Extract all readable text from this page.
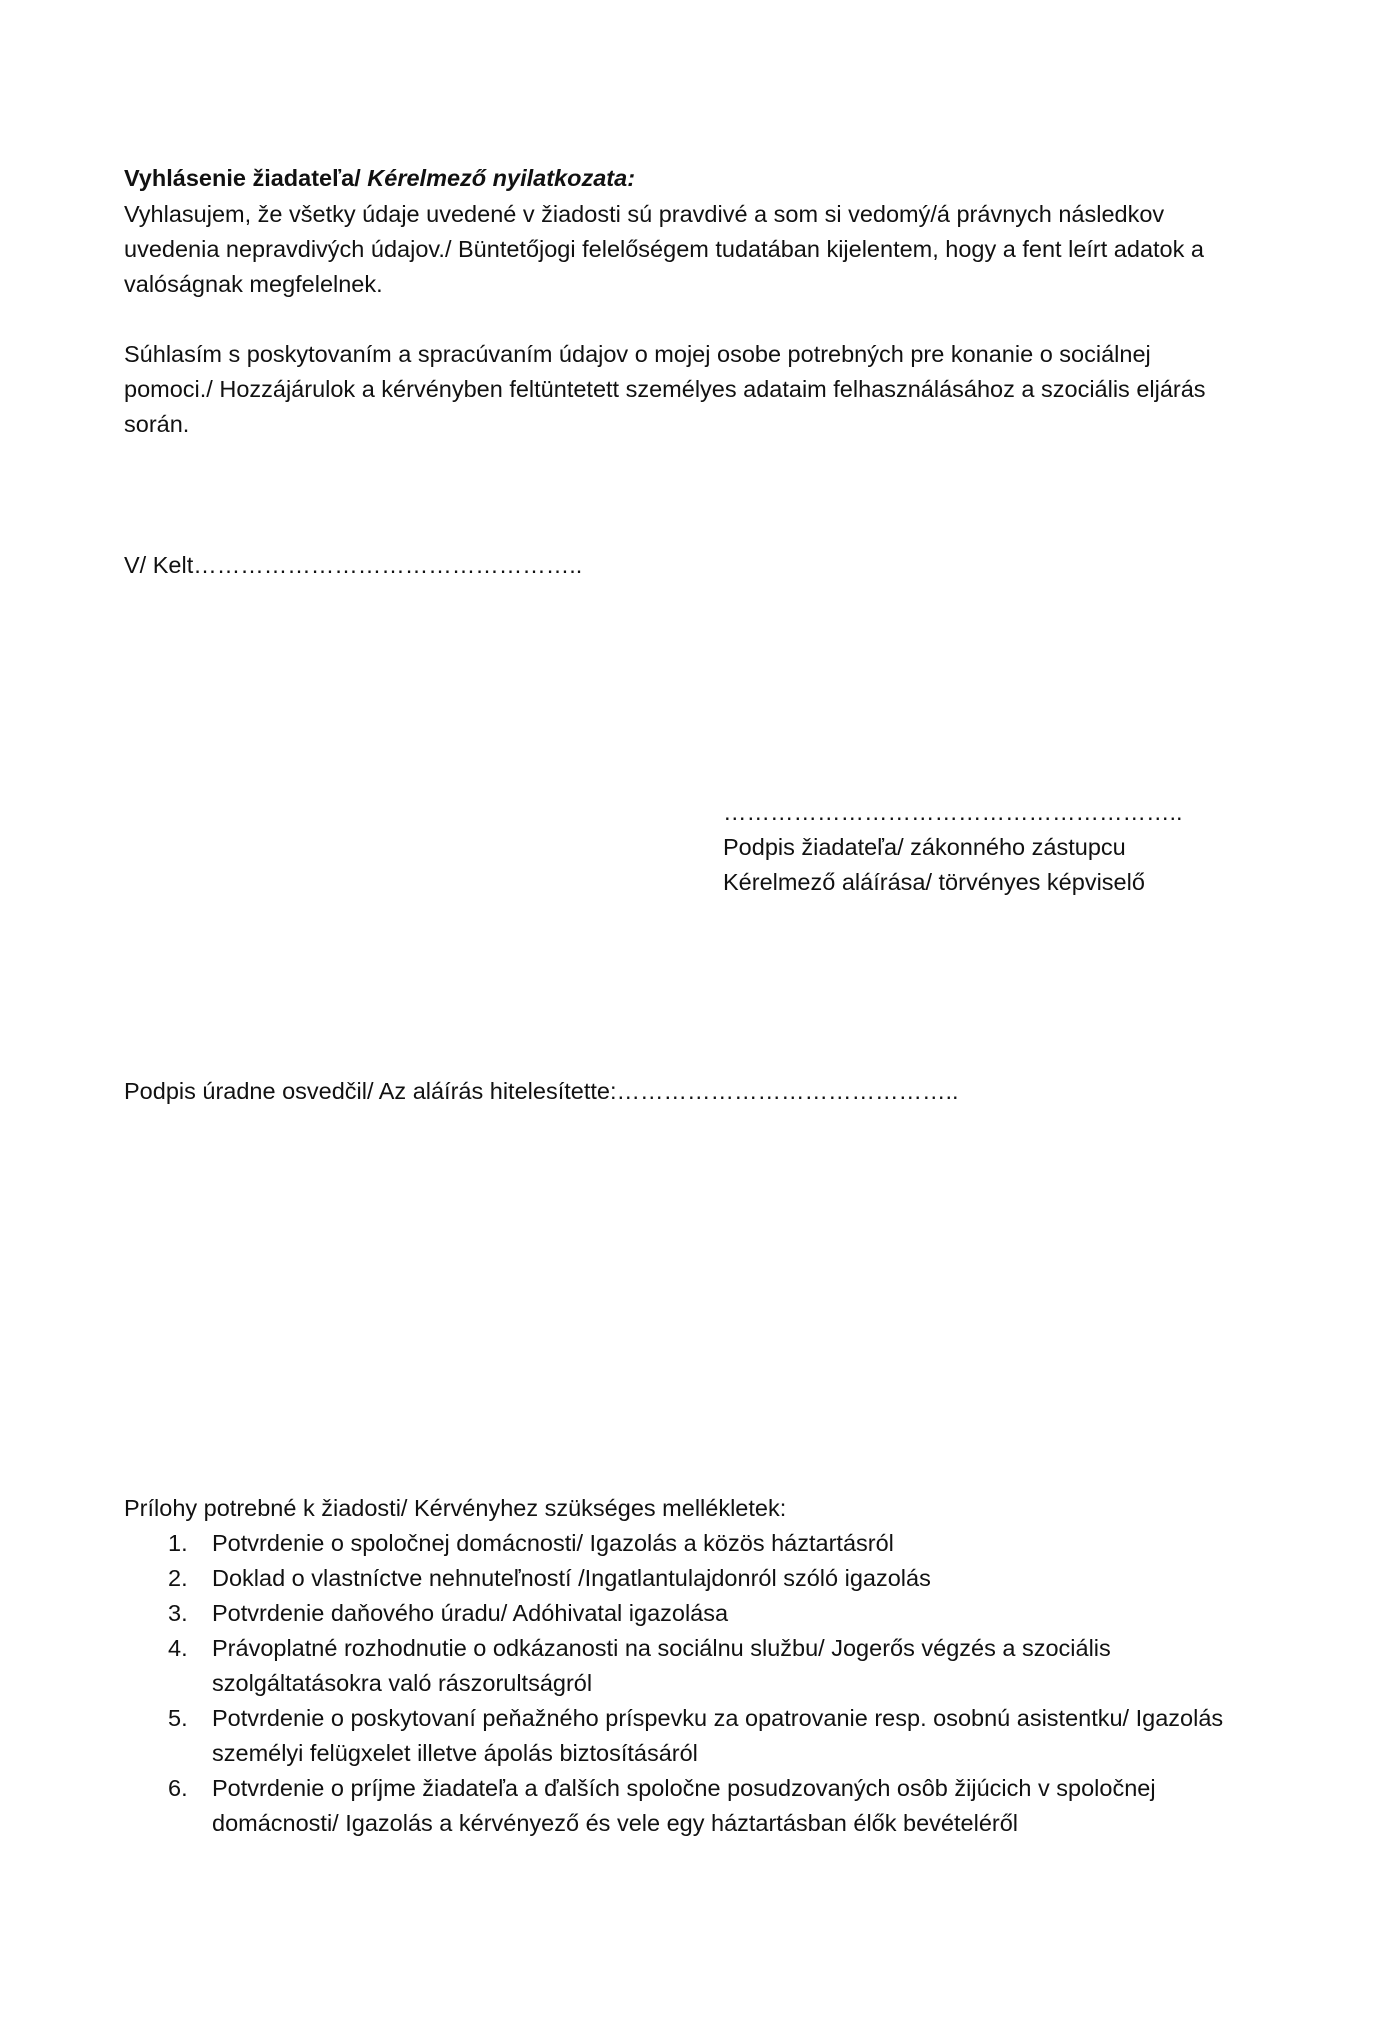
Vyhlásenie žiadateľa/ Kérelmező nyilatkozata:

Vyhlasujem, že všetky údaje uvedené v žiadosti sú pravdivé a som si vedomý/á právnych následkov uvedenia nepravdivých údajov./ Büntetőjogi felelőségem tudatában kijelentem, hogy a fent leírt adatok a valóságnak megfelelnek.

Súhlasím s poskytovaním a spracúvaním údajov o mojej osobe potrebných pre konanie o sociálnej pomoci./ Hozzájárulok a kérvényben feltüntetett személyes adataim felhasználásához a szociális eljárás során.

V/ Kelt…………………………………………..
…………………………………………………..
Podpis žiadateľa/ zákonného zástupcu
Kérelmező aláírása/ törvényes képviselő
Podpis úradne osvedčil/ Az aláírás hitelesítette:……………………………………..
Prílohy potrebné k žiadosti/ Kérvényhez szükséges mellékletek:
1. Potvrdenie o spoločnej domácnosti/ Igazolás a közös háztartásról
2. Doklad o vlastníctve nehnuteľností /Ingatlantulajdonról szóló igazolás
3. Potvrdenie daňového úradu/ Adóhivatal igazolása
4. Právoplatné rozhodnutie o odkázanosti na sociálnu službu/ Jogerős végzés a szociális szolgáltatásokra való rászorultságról
5. Potvrdenie o poskytovaní peňažného príspevku za opatrovanie resp. osobnú asistentku/ Igazolás személyi felügxelet illetve ápolás biztosításáról
6. Potvrdenie o príjme žiadateľa a ďalších spoločne posudzovaných osôb žijúcich v spoločnej domácnosti/ Igazolás a kérvényező és vele egy háztartásban élők bevételéről
